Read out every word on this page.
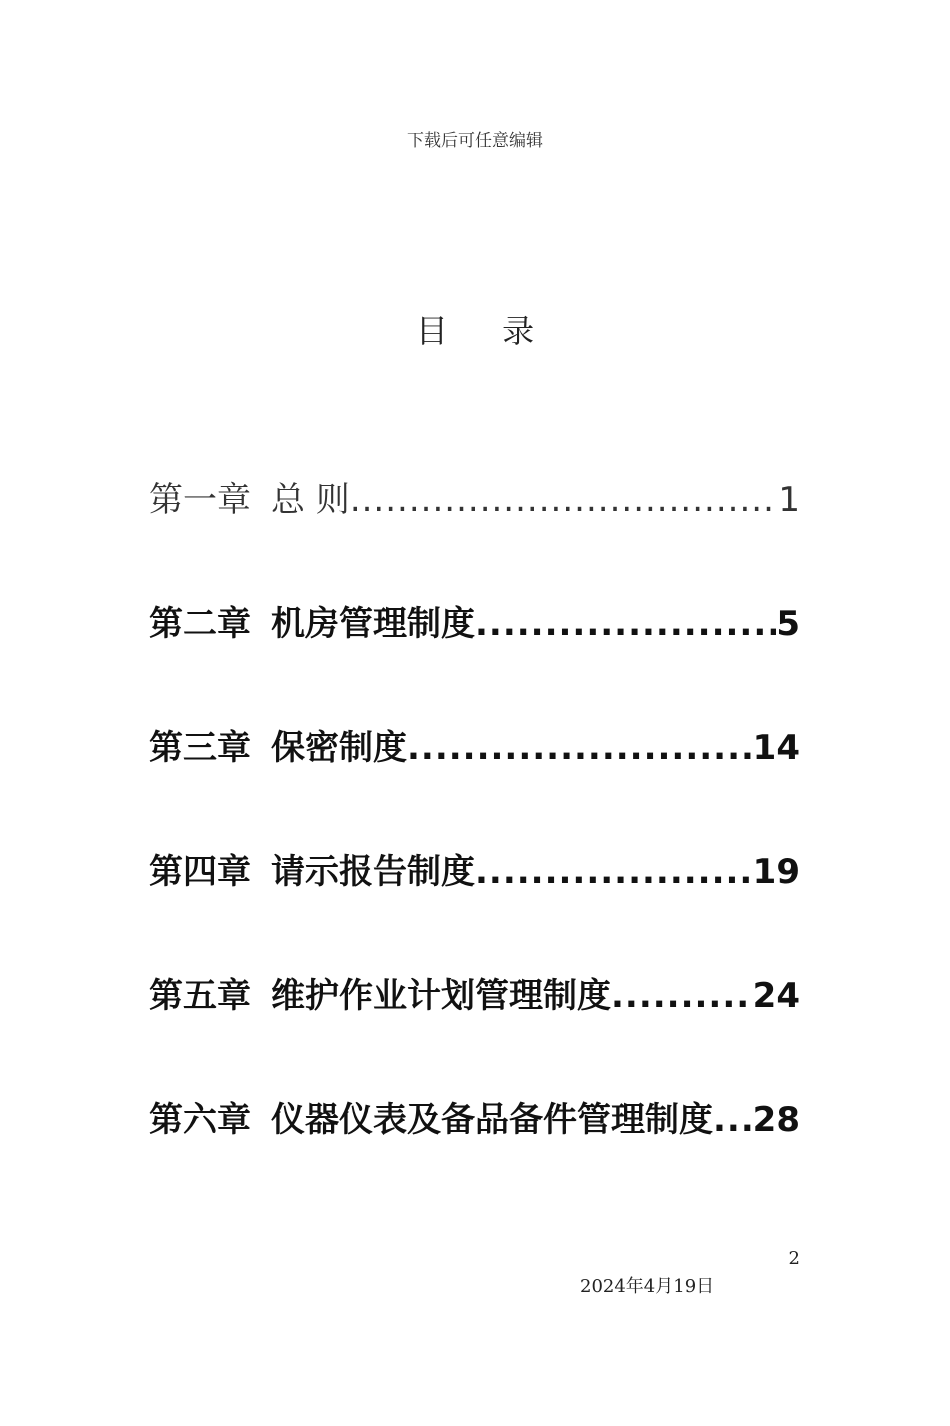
下载后可任意编辑
目 录
第一章 总 则 .....	1
第二章 机房管理制度 .....	5
第三章 保密制度 .....	14
第四章 请示报告制度 .....	19
第五章 维护作业计划管理制度 .....	24
第六章 仪器仪表及备品备件管理制度 ..... 28
2
2024年4月19日
